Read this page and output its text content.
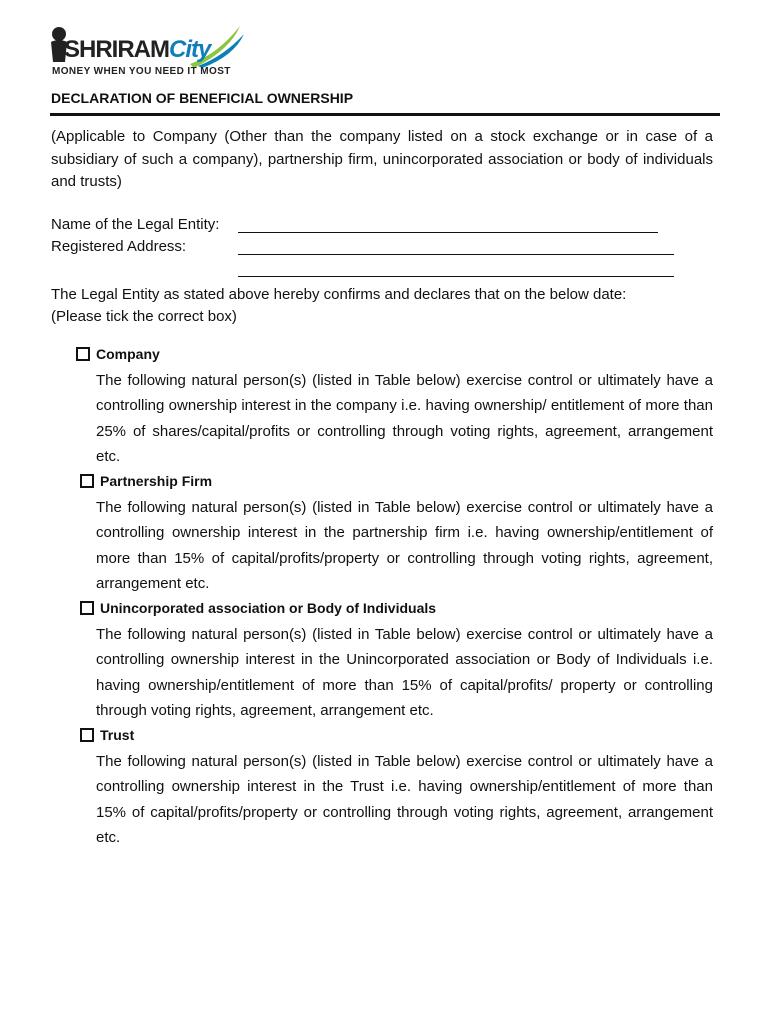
SHRIRAMCity
MONEY WHEN YOU NEED IT MOST
DECLARATION OF BENEFICIAL OWNERSHIP
(Applicable to Company (Other than the company listed on a stock exchange or in case of a subsidiary of such a company), partnership firm, unincorporated association or body of individuals and trusts)
Name of the Legal Entity:
Registered Address:
The Legal Entity as stated above hereby confirms and declares that on the below date:
(Please tick the correct box)
Company
The following natural person(s) (listed in Table below) exercise control or ultimately have a controlling ownership interest in the company i.e. having ownership/ entitlement of more than 25% of shares/capital/profits or controlling through voting rights, agreement, arrangement etc.
Partnership Firm
The following natural person(s) (listed in Table below) exercise control or ultimately have a controlling ownership interest in the partnership firm i.e. having ownership/entitlement of more than 15% of capital/profits/property or controlling through voting rights, agreement, arrangement etc.
Unincorporated association or Body of Individuals
The following natural person(s) (listed in Table below) exercise control or ultimately have a controlling ownership interest in the Unincorporated association or Body of Individuals i.e. having ownership/entitlement of more than 15% of capital/profits/ property or controlling through voting rights, agreement, arrangement etc.
Trust
The following natural person(s) (listed in Table below) exercise control or ultimately have a controlling ownership interest in the Trust i.e. having ownership/entitlement of more than 15% of capital/profits/property or controlling through voting rights, agreement, arrangement etc.
